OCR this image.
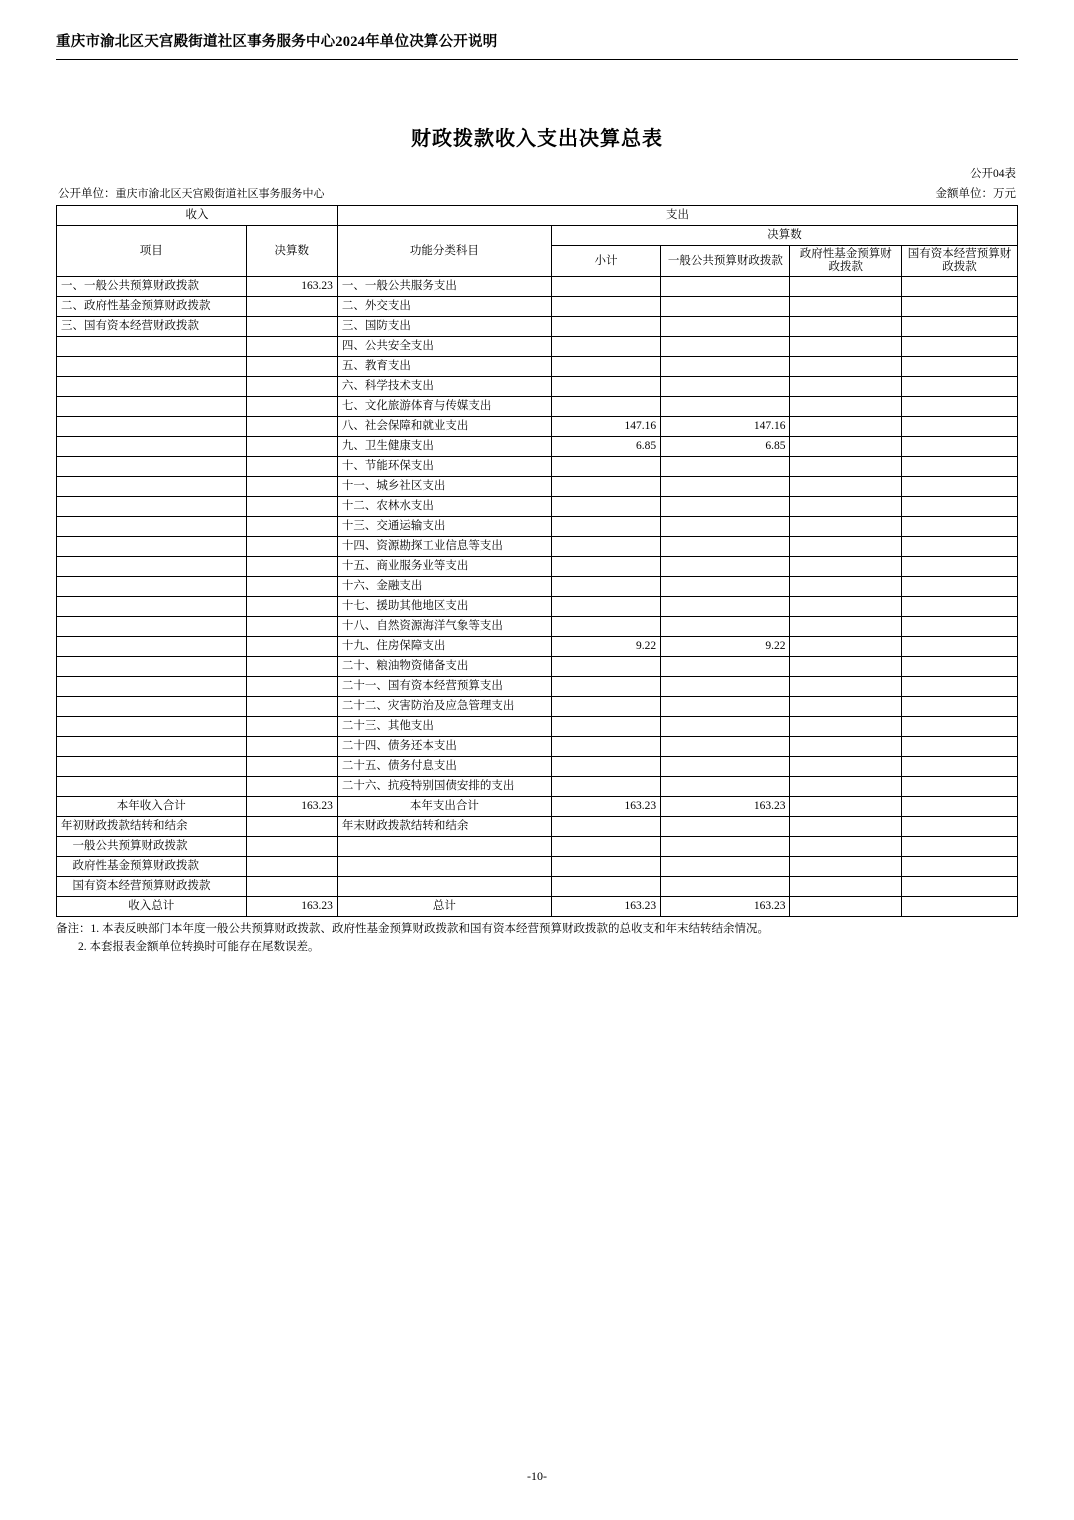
重庆市渝北区天宫殿街道社区事务服务中心2024年单位决算公开说明
财政拨款收入支出决算总表
公开04表
公开单位：重庆市渝北区天宫殿街道社区事务服务中心	金额单位：万元
收入		支出				
项目	决算数	功能分类科目	决算数			
			小计	一般公共预算财政拨款	政府性基金预算财政拨款	国有资本经营预算财政拨款
一、一般公共预算财政拨款	163.23	一、一般公共服务支出				
二、政府性基金预算财政拨款		二、外交支出				
三、国有资本经营财政拨款		三、国防支出				
		四、公共安全支出				
		五、教育支出				
		六、科学技术支出				
		七、文化旅游体育与传媒支出				
		八、社会保障和就业支出	147.16	147.16		
		九、卫生健康支出	6.85	6.85		
		十、节能环保支出				
		十一、城乡社区支出				
		十二、农林水支出				
		十三、交通运输支出				
		十四、资源勘探工业信息等支出				
		十五、商业服务业等支出				
		十六、金融支出				
		十七、援助其他地区支出				
		十八、自然资源海洋气象等支出				
		十九、住房保障支出	9.22	9.22		
		二十、粮油物资储备支出				
		二十一、国有资本经营预算支出				
		二十二、灾害防治及应急管理支出				
		二十三、其他支出				
		二十四、债务还本支出				
		二十五、债务付息支出				
		二十六、抗疫特别国债安排的支出				
本年收入合计	163.23	本年支出合计	163.23	163.23		
年初财政拨款结转和结余		年末财政拨款结转和结余				
　一般公共预算财政拨款						
　政府性基金预算财政拨款						
　国有资本经营预算财政拨款						
收入总计	163.23	总计	163.23	163.23		
备注：1. 本表反映部门本年度一般公共预算财政拨款、政府性基金预算财政拨款和国有资本经营预算财政拨款的总收支和年末结转结余情况。
2. 本套报表金额单位转换时可能存在尾数误差。
-10-
